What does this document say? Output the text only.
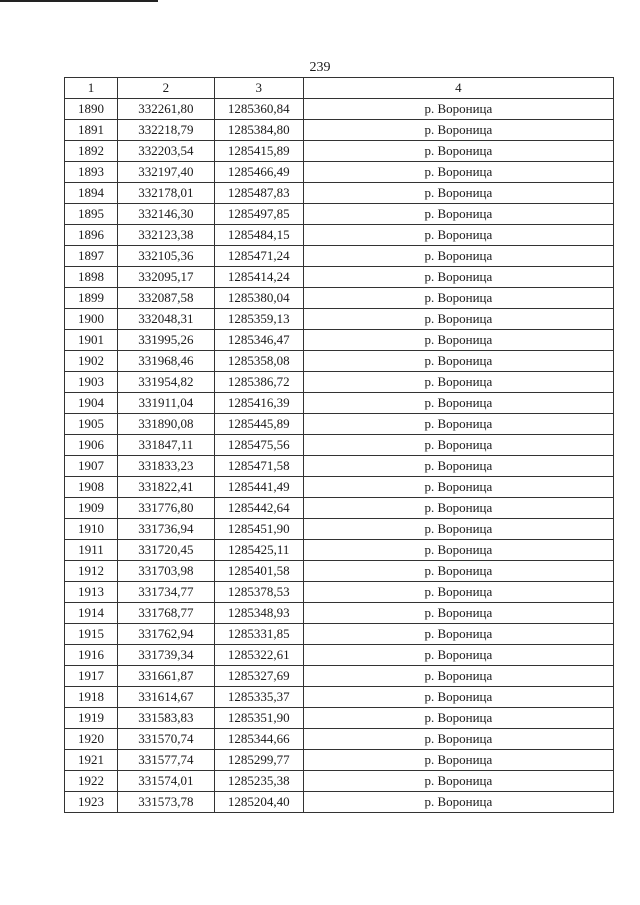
239
1	2	3	4
1890	332261,80	1285360,84	р. Вороница
1891	332218,79	1285384,80	р. Вороница
1892	332203,54	1285415,89	р. Вороница
1893	332197,40	1285466,49	р. Вороница
1894	332178,01	1285487,83	р. Вороница
1895	332146,30	1285497,85	р. Вороница
1896	332123,38	1285484,15	р. Вороница
1897	332105,36	1285471,24	р. Вороница
1898	332095,17	1285414,24	р. Вороница
1899	332087,58	1285380,04	р. Вороница
1900	332048,31	1285359,13	р. Вороница
1901	331995,26	1285346,47	р. Вороница
1902	331968,46	1285358,08	р. Вороница
1903	331954,82	1285386,72	р. Вороница
1904	331911,04	1285416,39	р. Вороница
1905	331890,08	1285445,89	р. Вороница
1906	331847,11	1285475,56	р. Вороница
1907	331833,23	1285471,58	р. Вороница
1908	331822,41	1285441,49	р. Вороница
1909	331776,80	1285442,64	р. Вороница
1910	331736,94	1285451,90	р. Вороница
1911	331720,45	1285425,11	р. Вороница
1912	331703,98	1285401,58	р. Вороница
1913	331734,77	1285378,53	р. Вороница
1914	331768,77	1285348,93	р. Вороница
1915	331762,94	1285331,85	р. Вороница
1916	331739,34	1285322,61	р. Вороница
1917	331661,87	1285327,69	р. Вороница
1918	331614,67	1285335,37	р. Вороница
1919	331583,83	1285351,90	р. Вороница
1920	331570,74	1285344,66	р. Вороница
1921	331577,74	1285299,77	р. Вороница
1922	331574,01	1285235,38	р. Вороница
1923	331573,78	1285204,40	р. Вороница
